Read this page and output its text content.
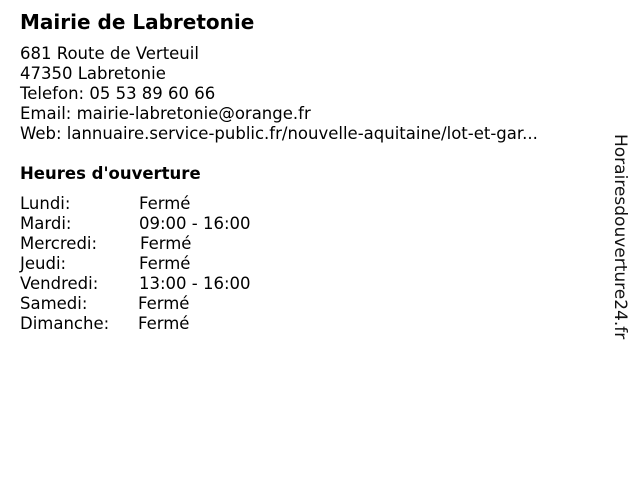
Mairie de Labretonie
681 Route de Verteuil
47350 Labretonie
Telefon: 05 53 89 60 66
Email: mairie-labretonie@orange.fr
Web: lannuaire.service-public.fr/nouvelle-aquitaine/lot-et-gar...
Heures d'ouverture
Lundi:	Fermé
Mardi:	09:00 - 16:00
Mercredi:	Fermé
Jeudi:	Fermé
Vendredi: 13:00 - 16:00
Samedi:	Fermé
Dimanche: Fermé	Horairesdouverture24.fr
